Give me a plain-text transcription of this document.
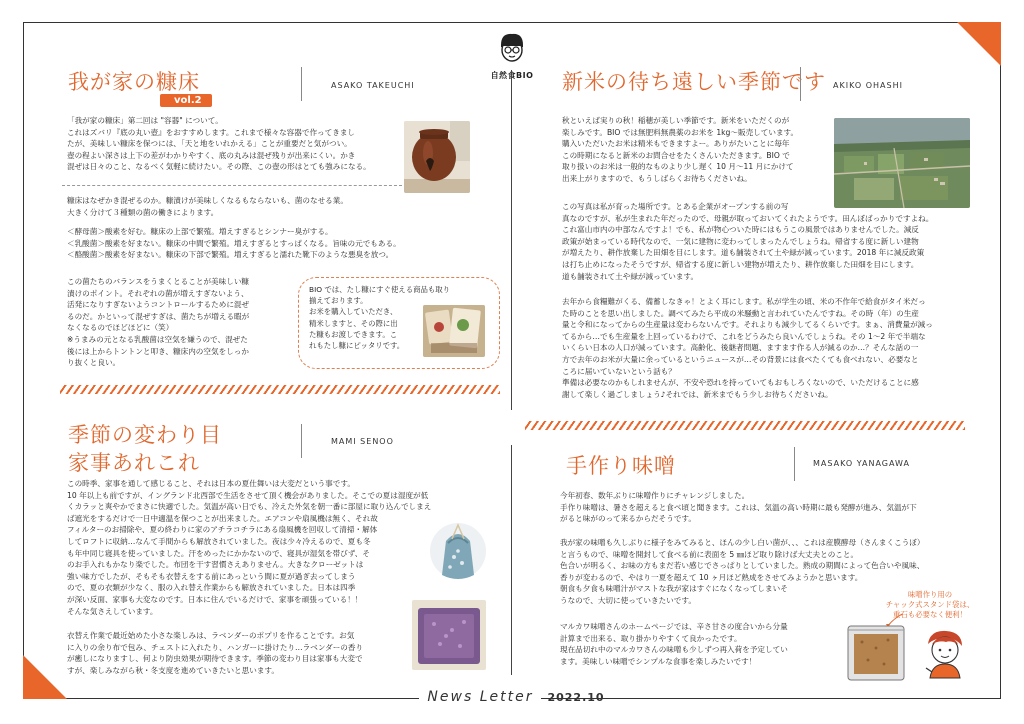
自然食BIO
我が家の糠床
vol.2
ASAKO TAKEUCHI

「我が家の糠床」第二回は "容器" について。

これはズバリ『底の丸い壺』をおすすめします。これまで様々な容器で作ってきまし

たが、美味しい糠床を保つには、「天と地をいれかえる」ことが重要だと気がつい。

壺の程よい深さは上下の差がわかりやすく、底の丸みは混ぜ残りが出来にくい。かき

混ぜは日々のこと、なるべく気軽に続けたい。その際、この壺の形はとても強みになる。

糠床はなぜかき混ぜるのか。糠漬けが美味しくなるもならないも、菌のなせる業。

大きく分けて３種類の菌の働きによります。

＜酵母菌＞酸素を好む。糠床の上部で繁殖。増えすぎるとシンナー臭がする。

＜乳酸菌＞酸素を好まない。糠床の中間で繁殖。増えすぎるとすっぱくなる。旨味の元でもある。

＜酪酸菌＞酸素を好まない。糠床の下部で繁殖。増えすぎると濡れた靴下のような悪臭を放つ。

この菌たちのバランスをうまくとることが美味しい糠

漬けのポイント。それぞれの菌が増えすぎないよう、

活発になりすぎないようコントロールするために混ぜ

るのだ。かといって混ぜすぎは、菌たちが増える暇が

なくなるのでほどほどに（笑）

※うまみの元となる乳酸菌は空気を嫌うので、混ぜた

後には上からトントンと叩き、糠床内の空気をしっか

り抜くと良い。

BIO では、たし糠にすぐ使える商品も取り

揃えております。

お米を購入していただき、

精米しますと、その際に出

た糠もお渡しできます。こ

れもたし糠にピッタリです。

新米の待ち遠しい季節です AKIKO OHASHI

秋といえば実りの秋！稲穂が美しい季節です。新米をいただくのが

楽しみです。BIO では無肥料無農薬のお米を 1kg〜販売しています。

購入いただいたお米は精米もできますよー。ありがたいことに毎年

この時期になると新米のお問合せをたくさんいただきます。BIO で

取り扱いのお米は一般的なものより少し遅く 10 月〜11 月にかけて

出来上がりますので、もうしばらくお待ちくださいね。

この写真は私が育った場所です。とある企業がオープンする前の写

真なのですが、私が生まれた年だったので、母親が取っておいてくれたようです。田んぼばっかりですよね。

これ富山市内の中部なんですよ！でも、私が物心ついた時にはもうこの風景ではありませんでした。減反

政策が始まっている時代なので、一気に建物に変わってしまったんでしょうね。帰省する度に新しい建物

が増えたり、耕作放棄した田畑を目にします。道も舗装されて土や緑が減っています。2018 年に減反政策

は打ち止めになったそうですが、帰省する度に新しい建物が増えたり、耕作放棄した田畑を目にします。

道も舗装されて土や緑が減っています。

去年から食糧難がくる、備蓄しなきゃ！とよく耳にします。私が学生の頃、米の不作年で給食がタイ米だっ

た時のことを思い出しました。調べてみたら平成の米騒動と言われていたんですね。その時（年）の生産

量と令和になってからの生産量は変わらないんです。それよりも減少してるくらいです。まぁ、消費量が減っ

てるから…でも生産量を上回っているわけで、これをどうみたら良いんでしょうね。その 1〜2 年で半端な

いくらい日本の人口が減っています。高齢化、後継者問題、ますます作る人が減るのか…？そんな話の一

方で去年のお米が大量に余っているというニュースが…その背景には食べたくても食べれない、必要なと

ころに届いていないという話も？

準備は必要なのかもしれませんが、不安や恐れを持っていてもおもしろくないので、いただけることに感

謝して楽しく過ごしましょう♪それでは、新米までもう少しお待ちくださいね。

季節の変わり目
家事あれこれ
MAMI SENOO

この時季、家事を通して感じること、それは日本の夏仕舞いは大変だという事です。

10 年以上も前ですが、イングランド北西部で生活をさせて頂く機会がありました。そこでの夏は湿度が低

くカラッと爽やかでまさに快適でした。気温が高い日でも、冷えた外気を朝一番に部屋に取り込んでしまえ

ば遮光をするだけで一日中適温を保つことが出来ました。エアコンや扇風機は無く、それ故

フィルターのお掃除や、夏の終わりに家のアチラコチラにある扇風機を回収して清掃・解体

してロフトに収納…なんて手間からも解放されていました。夜は少々冷えるので、夏も冬

も年中同じ寝具を使っていました。汗をめったにかかないので、寝具が湿気を帯びず、そ

のお手入れもかなり楽でした。布団を干す習慣さえありません。大きなクローゼットは

強い味方でしたが、そもそも衣替えをする前にあっという間に夏が過ぎ去ってしまう

ので、夏の衣類が少なく、服の入れ替え作業からも解放されていました。日本は四季

が深い反面、家事も大変なのです。日本に住んでいるだけで、家事を頑張っている！！

そんな気さえしています。

衣替え作業で最近始めた小さな楽しみは、ラベンダーのポプリを作ることです。お気

に入りの余り布で包み、チェストに入れたり、ハンガーに掛けたり…ラベンダーの香り

が癒しになりますし、何より防虫効果が期待できます。季節の変わり目は家事も大変で

すが、楽しみながら秋・冬支度を進めていきたいと思います。

手作り味噌	MASAKO YANAGAWA

今年初春、数年ぶりに味噌作りにチャレンジしました。

手作り味噌は、暑さを超えると食べ頃と聞きます。これは、気温の高い時期に最も発酵が進み、気温が下

がると味がのって来るからだそうです。

我が家の味噌も久しぶりに様子をみてみると、ほんの少し白い菌が、、、これは産膜酵母（さんまくこうぼ）

と言うもので、味噌を開封して食べる前に表面を 5 ㎜ほど取り除けば大丈夫とのこと。

色合いが明るく、お味の方もまだ若い感じでさっぱりとしていました。熟成の期間によって色合いや風味、

香りが変わるので、やはり一夏を超えて 10 ヶ月ほど熟成をさせてみようかと思います。

朝食も夕食も味噌汁がマストな我が家はすぐになくなってしまいそ

うなので、大切に使っていきたいです。

マルカワ味噌さんのホームページでは、辛さ甘さの度合いから分量

計算まで出来る、取り掛かりやすくて良かったです。

現在品切れ中のマルカワさんの味噌も少しずつ再入荷を予定してい

ます。美味しい味噌でシンプルな食事を楽しみたいです！

味噌作り用の

チャック式スタンド袋は、

重石も必要なく便利！

News Letter 2022.10
